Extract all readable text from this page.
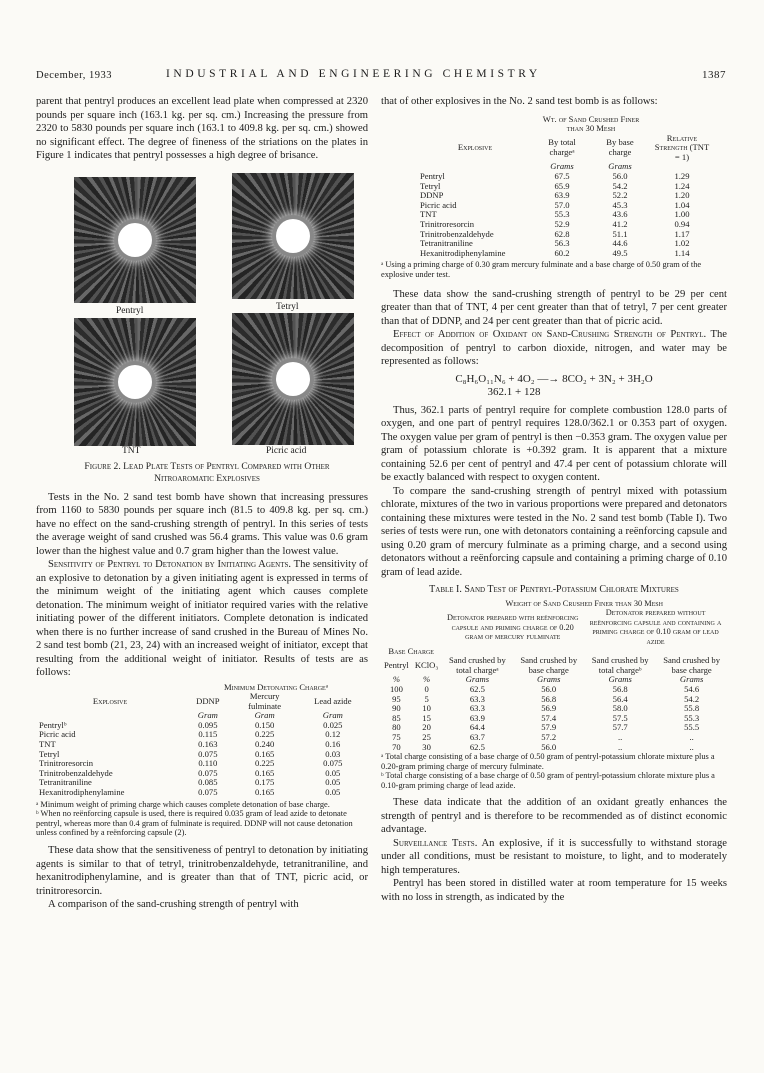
December, 1933	INDUSTRIAL AND ENGINEERING CHEMISTRY	1387

parent that pentryl produces an excellent lead plate when compressed at 2320 pounds per square inch (163.1 kg. per sq. cm.) Increasing the pressure from 2320 to 5830 pounds per square inch (163.1 to 409.8 kg. per sq. cm.) showed no significant effect. The degree of fineness of the striations on the plates in Figure 1 indicates that pentryl possesses a high degree of brisance.

Pentryl	Tetryl
TNT	Picric acid
Figure 2. Lead Plate Tests of Pentryl Compared with Other Nitroaromatic Explosives

Tests in the No. 2 sand test bomb have shown that increasing pressures from 1160 to 5830 pounds per square inch (81.5 to 409.8 kg. per sq. cm.) have no effect on the sand-crushing strength of pentryl. In this series of tests the average weight of sand crushed was 56.4 grams. This value was 0.6 gram lower than the highest value and 0.7 gram higher than the lowest value.

Sensitivity of Pentryl to Detonation by Initiating Agents. The sensitivity of an explosive to detonation by a given initiating agent is expressed in terms of the minimum weight of the initiating agent which causes complete detonation. The minimum weight of initiator required varies with the relative initiating power of the different initiators. Complete detonation is indicated when there is no further increase of sand crushed in the Bureau of Mines No. 2 sand test bomb (21, 23, 24) with an increased weight of initiator, except that resulting from the additional weight of initiator. Results of tests are as follows:

	Minimum Detonating Chargeᵃ		
Explosive	DDNP	Mercury fulminate	Lead azide
	Gram	Gram	Gram
Pentrylᵇ	0.095	0.150	0.025
Picric acid	0.115	0.225	0.12
TNT	0.163	0.240	0.16
Tetryl	0.075	0.165	0.03
Trinitroresorcin	0.110	0.225	0.075
Trinitrobenzaldehyde	0.075	0.165	0.05
Tetranitraniline	0.085	0.175	0.05
Hexanitrodiphenylamine	0.075	0.165	0.05
ᵃ Minimum weight of priming charge which causes complete detonation of base charge.
ᵇ When no reënforcing capsule is used, there is required 0.035 gram of lead azide to detonate pentryl, whereas more than 0.4 gram of fulminate is required. DDNP will not cause detonation unless confined by a reënforcing capsule (2).

These data show that the sensitiveness of pentryl to detonation by initiating agents is similar to that of tetryl, trinitrobenzaldehyde, tetranitraniline, and hexanitrodiphenylamine, and is greater than that of TNT, picric acid, or trinitroresorcin.

A comparison of the sand-crushing strength of pentryl with

that of other explosives in the No. 2 sand test bomb is as follows:

	Wt. of Sand Crushed Finer than 30 Mesh		
Explosive	By total chargeᵃ	By base charge	Relative Strength (TNT = 1)
	Grams	Grams	
Pentryl	67.5	56.0	1.29
Tetryl	65.9	54.2	1.24
DDNP	63.9	52.2	1.20
Picric acid	57.0	45.3	1.04
TNT	55.3	43.6	1.00
Trinitroresorcin	52.9	41.2	0.94
Trinitrobenzaldehyde	62.8	51.1	1.17
Tetranitraniline	56.3	44.6	1.02
Hexanitrodiphenylamine	60.2	49.5	1.14
ᵃ Using a priming charge of 0.30 gram mercury fulminate and a base charge of 0.50 gram of the explosive under test.

These data show the sand-crushing strength of pentryl to be 29 per cent greater than that of TNT, 4 per cent greater than that of tetryl, 7 per cent greater than that of DDNP, and 24 per cent greater than that of picric acid.

Effect of Addition of Oxidant on Sand-Crushing Strength of Pentryl. The decomposition of pentryl to carbon dioxide, nitrogen, and water may be represented as follows:

C₈H₆O₁₁N₆ + 4O₂ —→ 8CO₂ + 3N₂ + 3H₂O
362.1 + 128

Thus, 362.1 parts of pentryl require for complete combustion 128.0 parts of oxygen, and one part of pentryl requires 128.0/362.1 or 0.353 part of oxygen. The oxygen value per gram of pentryl is then −0.353 gram. The oxygen value per gram of potassium chlorate is +0.392 gram. It is apparent that a mixture containing 52.6 per cent of pentryl and 47.4 per cent of potassium chlorate will be exactly balanced with respect to oxygen content.

To compare the sand-crushing strength of pentryl mixed with potassium chlorate, mixtures of the two in various proportions were prepared and detonators containing these mixtures were tested in the No. 2 sand test bomb (Table I). Two series of tests were run, one with detonators containing a reënforcing capsule and using 0.20 gram of mercury fulminate as a priming charge, and a second using detonators without a reënforcing capsule and containing a priming charge of 0.10 gram of lead azide.

Table I. Sand Test of Pentryl-Potassium Chlorate Mixtures
		Weight of Sand Crushed Finer than 30 Mesh			
		Detonator prepared with reënforcing capsule and priming charge of 0.20 gram of mercury fulminate		Detonator prepared without reënforcing capsule and containing a priming charge of 0.10 gram of lead azide	
Base Charge					
Pentryl	KClO₃	Sand crushed by total chargeᵃ	Sand crushed by base charge	Sand crushed by total chargeᵇ	Sand crushed by base charge
%	%	Grams	Grams	Grams	Grams
100	0	62.5	56.0	56.8	54.6
95	5	63.3	56.8	56.4	54.2
90	10	63.3	56.9	58.0	55.8
85	15	63.9	57.4	57.5	55.3
80	20	64.4	57.9	57.7	55.5
75	25	63.7	57.2	..	..
70	30	62.5	56.0	..	..
ᵃ Total charge consisting of a base charge of 0.50 gram of pentryl-potassium chlorate mixture plus a 0.20-gram priming charge of mercury fulminate.
ᵇ Total charge consisting of a base charge of 0.50 gram of pentryl-potassium chlorate mixture plus a 0.10-gram priming charge of lead azide.

These data indicate that the addition of an oxidant greatly enhances the strength of pentryl and is therefore to be recommended as of distinct economic advantage.

Surveillance Tests. An explosive, if it is successfully to withstand storage under all conditions, must be resistant to moisture, to light, and to moderately high temperatures.

Pentryl has been stored in distilled water at room temperature for 15 weeks with no loss in strength, as indicated by the
